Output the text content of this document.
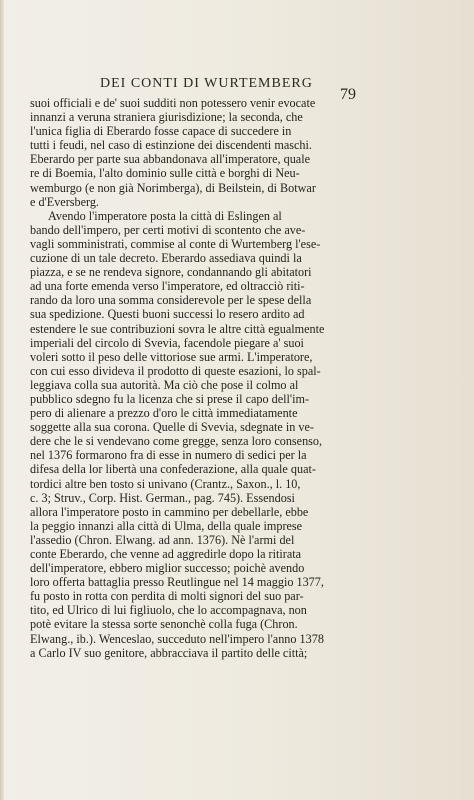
DEI CONTI DI WURTEMBERG
79
suoi officiali e de' suoi sudditi non potessero venir evocate
innanzi a veruna straniera giurisdizione; la seconda, che
l'unica figlia di Eberardo fosse capace di succedere in
tutti i feudi, nel caso di estinzione dei discendenti maschi.
Eberardo per parte sua abbandonava all'imperatore, quale
re di Boemia, l'alto dominio sulle città e borghi di Neu-
wemburgo (e non già Norimberga), di Beilstein, di Botwar
e d'Eversberg.
Avendo l'imperatore posta la città di Eslingen al
bando dell'impero, per certi motivi di scontento che ave-
vagli somministrati, commise al conte di Wurtemberg l'ese-
cuzione di un tale decreto. Eberardo assediava quindi la
piazza, e se ne rendeva signore, condannando gli abitatori
ad una forte emenda verso l'imperatore, ed oltracciò riti-
rando da loro una somma considerevole per le spese della
sua spedizione. Questi buoni successi lo resero ardito ad
estendere le sue contribuzioni sovra le altre città egualmente
imperiali del circolo di Svevia, facendole piegare a' suoi
voleri sotto il peso delle vittoriose sue armi. L'imperatore,
con cui esso divideva il prodotto di queste esazioni, lo spal-
leggiava colla sua autorità. Ma ciò che pose il colmo al
pubblico sdegno fu la licenza che si prese il capo dell'im-
pero di alienare a prezzo d'oro le città immediatamente
soggette alla sua corona. Quelle di Svevia, sdegnate in ve-
dere che le si vendevano come gregge, senza loro consenso,
nel 1376 formarono fra di esse in numero di sedici per la
difesa della lor libertà una confederazione, alla quale quat-
tordici altre ben tosto si univano (Crantz., Saxon., l. 10,
c. 3; Struv., Corp. Hist. German., pag. 745). Essendosi
allora l'imperatore posto in cammino per debellarle, ebbe
la peggio innanzi alla città di Ulma, della quale imprese
l'assedio (Chron. Elwang. ad ann. 1376). Nè l'armi del
conte Eberardo, che venne ad aggredirle dopo la ritirata
dell'imperatore, ebbero miglior successo; poichè avendo
loro offerta battaglia presso Reutlingue nel 14 maggio 1377,
fu posto in rotta con perdita di molti signori del suo par-
tito, ed Ulrico di lui figliuolo, che lo accompagnava, non
potè evitare la stessa sorte senonchè colla fuga (Chron.
Elwang., ib.). Wenceslao, succeduto nell'impero l'anno 1378
a Carlo IV suo genitore, abbracciava il partito delle città;
